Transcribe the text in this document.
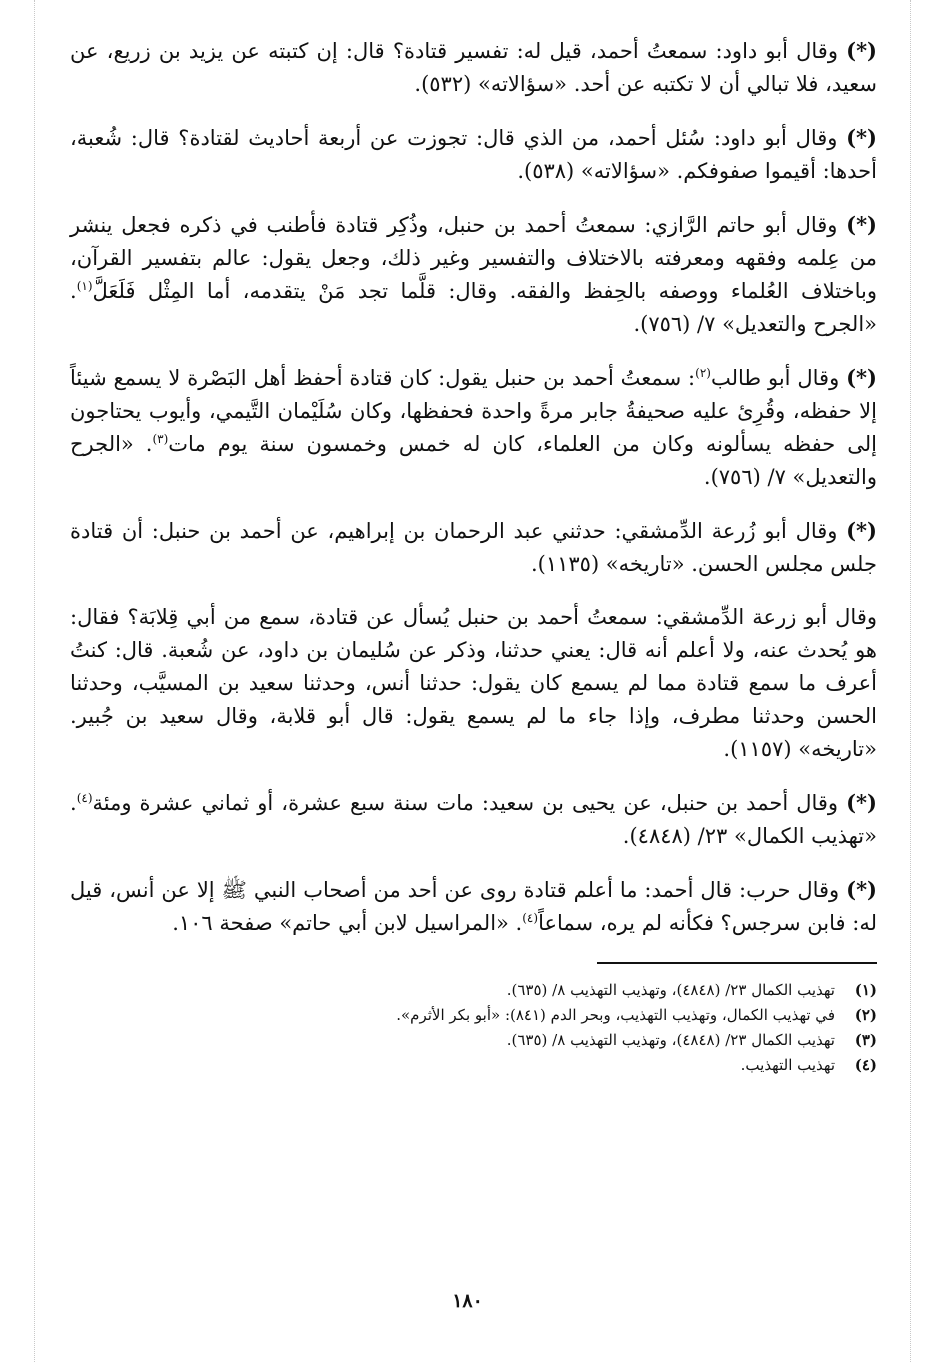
(*) وقال أبو داود: سمعتُ أحمد، قيل له: تفسير قتادة؟ قال: إن كتبته عن يزيد بن زريع، عن سعيد، فلا تبالي أن لا تكتبه عن أحد. «سؤالاته» (٥٣٢).

(*) وقال أبو داود: سُئل أحمد، من الذي قال: تجوزت عن أربعة أحاديث لقتادة؟ قال: شُعبة، أحدها: أقيموا صفوفكم. «سؤالاته» (٥٣٨).

(*) وقال أبو حاتم الرَّازي: سمعتُ أحمد بن حنبل، وذُكِر قتادة فأطنب في ذكره فجعل ينشر من عِلمه وفقهه ومعرفته بالاختلاف والتفسير وغير ذلك، وجعل يقول: عالم بتفسير القرآن، وباختلاف العُلماء ووصفه بالحِفظ والفقه. وقال: قلَّما تجد مَنْ يتقدمه، أما المِثْل فَلَعَلَّ$^{(١)}$. «الجرح والتعديل» ٧/ (٧٥٦).

(*) وقال أبو طالب$^{(٢)}$: سمعتُ أحمد بن حنبل يقول: كان قتادة أحفظ أهل البَصْرة لا يسمع شيئاً إلا حفظه، وقُرِئ عليه صحيفةُ جابر مرةً واحدة فحفظها، وكان سُلَيْمان التَّيمي، وأيوب يحتاجون إلى حفظه يسألونه وكان من العلماء، كان له خمس وخمسون سنة يوم مات$^{(٣)}$. «الجرح والتعديل» ٧/ (٧٥٦).

(*) وقال أبو زُرعة الدِّمشقي: حدثني عبد الرحمان بن إبراهيم، عن أحمد بن حنبل: أن قتادة جلس مجلس الحسن. «تاريخه» (١١٣٥).

وقال أبو زرعة الدِّمشقي: سمعتُ أحمد بن حنبل يُسأل عن قتادة، سمع من أبي قِلابَة؟ فقال: هو يُحدث عنه، ولا أعلم أنه قال: يعني حدثنا، وذكر عن سُليمان بن داود، عن شُعبة. قال: كنتُ أعرف ما سمع قتادة مما لم يسمع كان يقول: حدثنا أنس، وحدثنا سعيد بن المسيَّب، وحدثنا الحسن وحدثنا مطرف، وإذا جاء ما لم يسمع يقول: قال أبو قلابة، وقال سعيد بن جُبير. «تاريخه» (١١٥٧).

(*) وقال أحمد بن حنبل، عن يحيى بن سعيد: مات سنة سبع عشرة، أو ثماني عشرة ومئة$^{(٤)}$. «تهذيب الكمال» ٢٣/ (٤٨٤٨).

(*) وقال حرب: قال أحمد: ما أعلم قتادة روى عن أحد من أصحاب النبي ﷺ إلا عن أنس، قيل له: فابن سرجس؟ فكأنه لم يره، سماعاً$^{(٤)}$. «المراسيل لابن أبي حاتم» صفحة ١٠٦.

(١)
تهذيب الكمال ٢٣/ (٤٨٤٨)، وتهذيب التهذيب ٨/ (٦٣٥).
(٢)
في تهذيب الكمال، وتهذيب التهذيب، وبحر الدم (٨٤١): «أبو بكر الأثرم».
(٣)
تهذيب الكمال ٢٣/ (٤٨٤٨)، وتهذيب التهذيب ٨/ (٦٣٥).
(٤)
تهذيب التهذيب.
١٨٠
